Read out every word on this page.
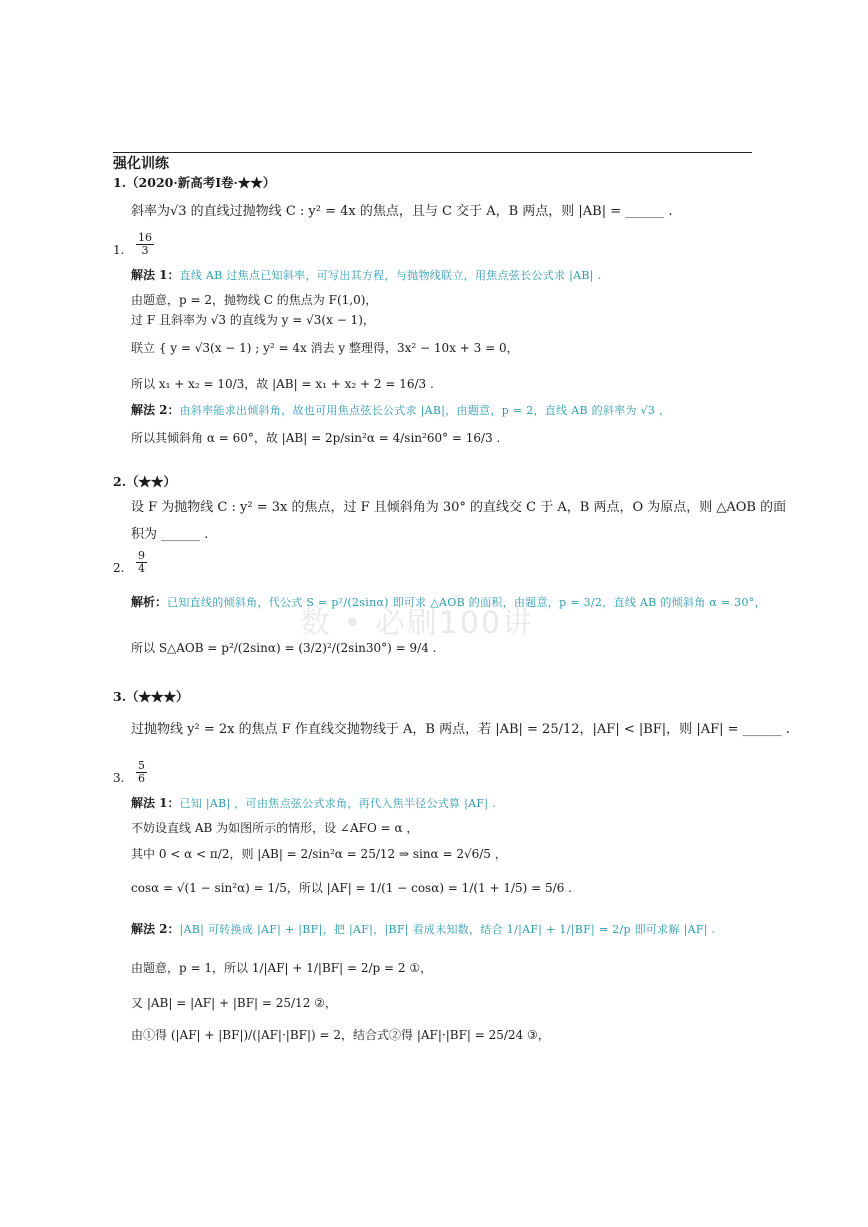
强化训练
数 • 必刷100讲
1.（2020·新高考Ⅰ卷·★★）
斜率为√3 的直线过抛物线 C : y² = 4x 的焦点，且与 C 交于 A，B 两点，则 |AB| = ______ .
1.
解法 1：直线 AB 过焦点已知斜率，可写出其方程，与抛物线联立，用焦点弦长公式求 |AB| .
由题意，p = 2，抛物线 C 的焦点为 F(1,0)，
过 F 且斜率为 √3 的直线为 y = √3(x − 1)，
联立 { y = √3(x − 1) ; y² = 4x 消去 y 整理得，3x² − 10x + 3 = 0，
所以 x₁ + x₂ = 10/3，故 |AB| = x₁ + x₂ + 2 = 16/3 .
解法 2：由斜率能求出倾斜角，故也可用焦点弦长公式求 |AB|，由题意，p = 2，直线 AB 的斜率为 √3 ，
所以其倾斜角 α = 60°，故 |AB| = 2p/sin²α = 4/sin²60° = 16/3 .
2.（★★）
设 F 为抛物线 C : y² = 3x 的焦点，过 F 且倾斜角为 30° 的直线交 C 于 A，B 两点，O 为原点，则 △AOB 的面
积为 ______ .
2.
解析：已知直线的倾斜角，代公式 S = p²/(2sinα) 即可求 △AOB 的面积，由题意，p = 3/2，直线 AB 的倾斜角 α = 30°，
所以 S△AOB = p²/(2sinα) = (3/2)²/(2sin30°) = 9/4 .
3.（★★★）
过抛物线 y² = 2x 的焦点 F 作直线交抛物线于 A，B 两点，若 |AB| = 25/12，|AF| < |BF|，则 |AF| = ______ .
3.
解法 1：已知 |AB| ，可由焦点弦公式求角，再代入焦半径公式算 |AF| .
不妨设直线 AB 为如图所示的情形，设 ∠AFO = α ，
其中 0 < α < π/2，则 |AB| = 2/sin²α = 25/12 ⇒ sinα = 2√6/5 ，
cosα = √(1 − sin²α) = 1/5，所以 |AF| = 1/(1 − cosα) = 1/(1 + 1/5) = 5/6 .
解法 2：|AB| 可转换成 |AF| + |BF|，把 |AF|，|BF| 看成未知数，结合 1/|AF| + 1/|BF| = 2/p 即可求解 |AF| .
由题意，p = 1，所以 1/|AF| + 1/|BF| = 2/p = 2 ①，
又 |AB| = |AF| + |BF| = 25/12 ②，
由①得 (|AF| + |BF|)/(|AF|·|BF|) = 2，结合式②得 |AF|·|BF| = 25/24 ③，
$\frac{16}{3}$
$\frac{9}{4}$
$\frac{5}{6}$
